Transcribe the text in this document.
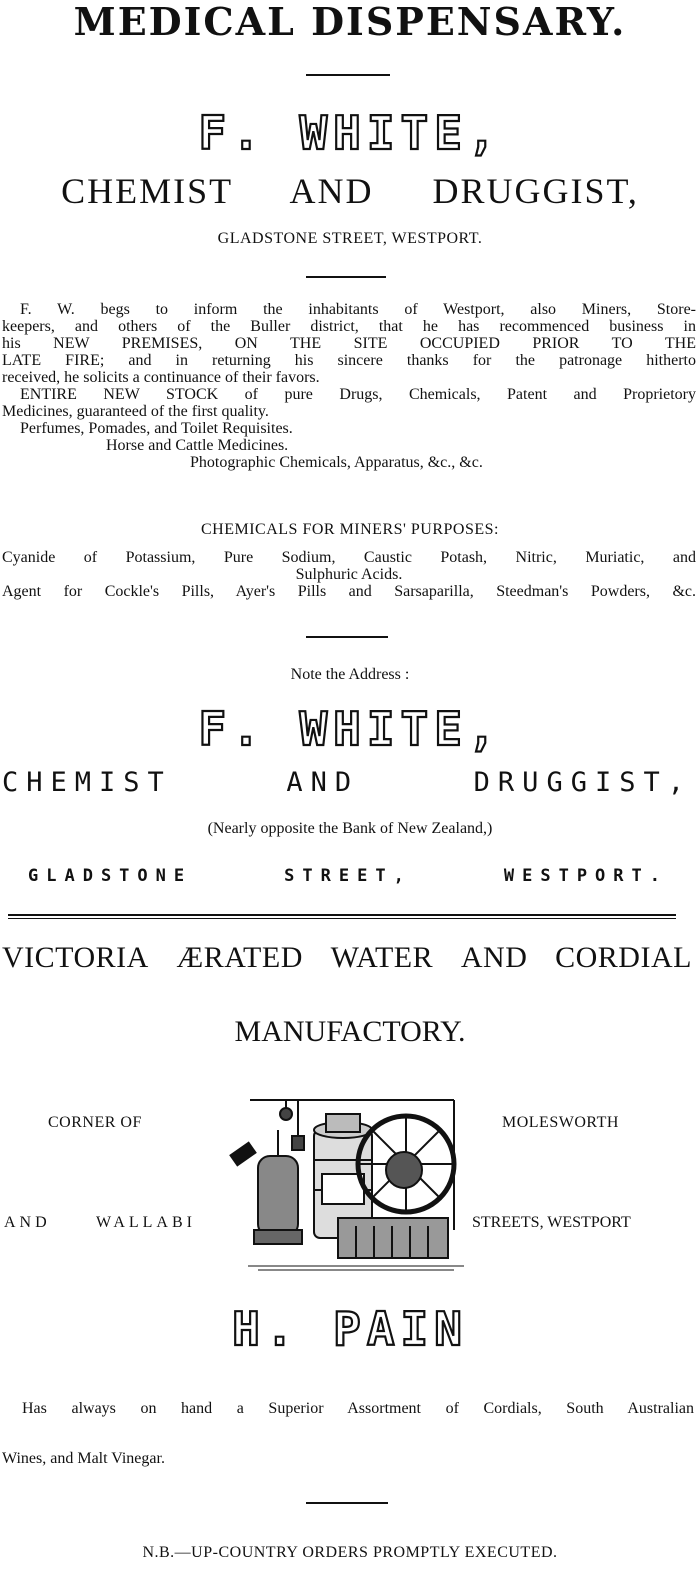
MEDICAL DISPENSARY.
F. WHITE,
CHEMIST AND DRUGGIST,
GLADSTONE STREET, WESTPORT.
F. W. begs to inform the inhabitants of Westport, also Miners, Store-
keepers, and others of the Buller district, that he has recommenced business in
his NEW PREMISES, ON THE SITE OCCUPIED PRIOR TO THE
LATE FIRE; and in returning his sincere thanks for the patronage hitherto
received, he solicits a continuance of their favors.
ENTIRE NEW STOCK of pure Drugs, Chemicals, Patent and Proprietory
Medicines, guaranteed of the first quality.
Perfumes, Pomades, and Toilet Requisites.
Horse and Cattle Medicines.
Photographic Chemicals, Apparatus, &c., &c.
CHEMICALS FOR MINERS' PURPOSES:
Cyanide of Potassium, Pure Sodium, Caustic Potash, Nitric, Muriatic, and
Sulphuric Acids.
Agent for Cockle's Pills, Ayer's Pills and Sarsaparilla, Steedman's Powders, &c.
Note the Address :
F. WHITE,
CHEMIST	AND	DRUGGIST,
(Nearly opposite the Bank of New Zealand,)
GLADSTONE	STREET,	WESTPORT.
VICTORIA ÆRATED WATER AND CORDIAL
MANUFACTORY.
CORNER OF	MOLESWORTH
AND	WALLABI	STREETS, WESTPORT
H. PAIN
Has always on hand a Superior Assortment of Cordials, South Australian
Wines, and Malt Vinegar.
N.B.—UP-COUNTRY ORDERS PROMPTLY EXECUTED.
